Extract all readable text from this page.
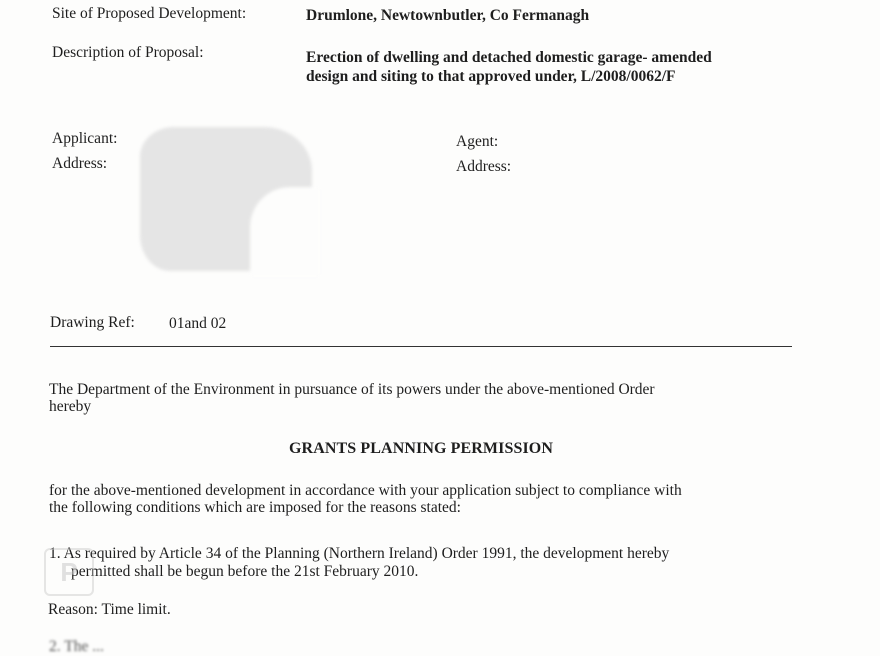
Site of Proposed Development:	Drumlone, Newtownbutler, Co Fermanagh
Description of Proposal:	Erection of dwelling and detached domestic garage- amended
design and siting to that approved under, L/2008/0062/F
Applicant:
Address:
Agent:
Address:
Drawing Ref: 01and 02
The Department of the Environment in pursuance of its powers under the above-mentioned Order
hereby
GRANTS PLANNING PERMISSION
for the above-mentioned development in accordance with your application subject to compliance with
the following conditions which are imposed for the reasons stated:
1. As required by Article 34 of the Planning (Northern Ireland) Order 1991, the development hereby

permitted shall be begun before the 21st February 2010.
Reason: Time limit.
P
2. The ...
